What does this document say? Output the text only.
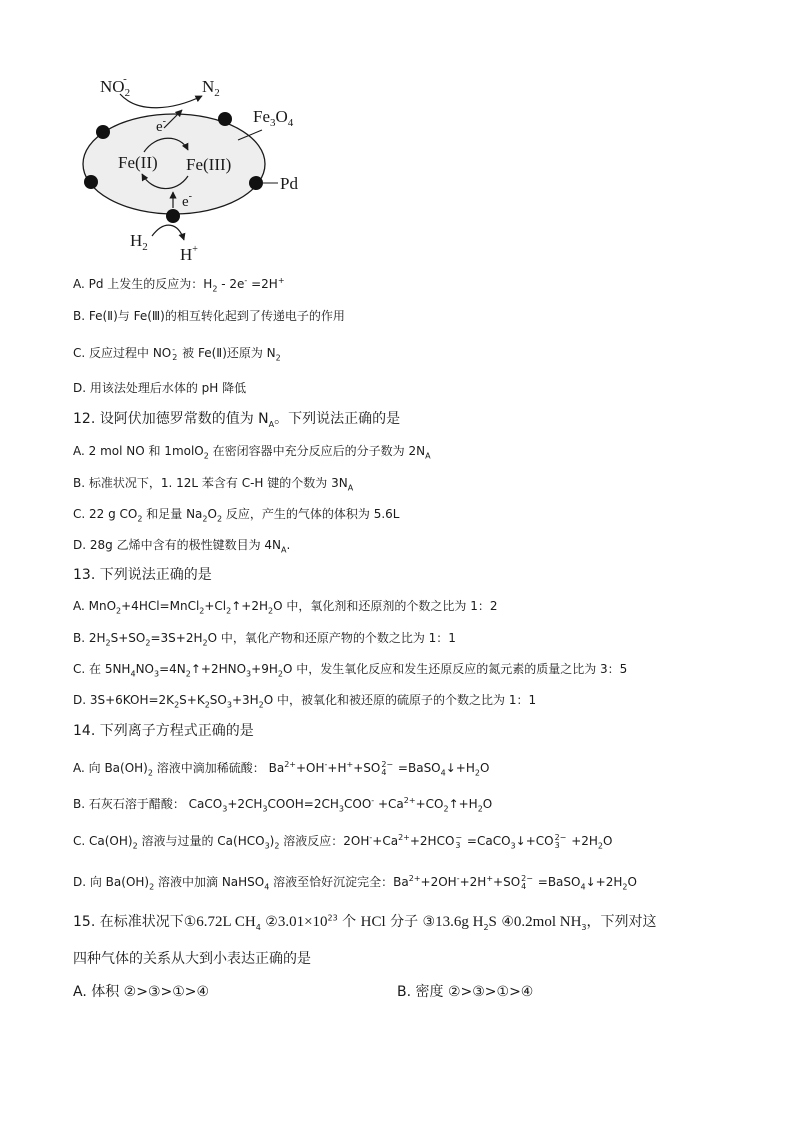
$NO_2-$	$N_2$
$Fe_3O_4$
e-
Fe(II) Fe(III)
e-
Pd
$H_2$ H+
A. Pd 上发生的反应为：$H_2 - 2e^- =2H^+$
B. Fe(Ⅱ)与 Fe(Ⅲ)的相互转化起到了传递电子的作用
C. 反应过程中 NO -
2 被 Fe(Ⅱ)还原为 $N_2$
D. 用该法处理后水体的 pH 降低
12. 设阿伏加德罗常数的值为 $N_A$。下列说法正确的是
A. 2 mol NO 和 1molO$_2$ 在密闭容器中充分反应后的分子数为 $2N_A$
B. 标准状况下，1. 12L 苯含有 C-H 键的个数为 $3N_A$
C. 22 g $CO_2$ 和足量 $Na_2O_2$ 反应，产生的气体的体积为 5.6L
D. 28g 乙烯中含有的极性键数目为 $4N_A$.
13. 下列说法正确的是
A. $MnO_2+4HCl=MnCl_2+Cl_2↑+2H_2O$ 中，氧化剂和还原剂的个数之比为 1：2
B. $2H_2S+SO_2=3S+2H_2O$ 中，氧化产物和还原产物的个数之比为 1：1
C. 在 $5NH_4NO_3=4N_2↑+2HNO_3+9H_2O$ 中，发生氧化反应和发生还原反应的氮元素的质量之比为 3：5
D. $3S+6KOH=2K_2S+K_2SO_3+3H_2O$ 中，被氧化和被还原的硫原子的个数之比为 1：1
14. 下列离子方程式正确的是
A. 向 $Ba(OH)_2$ 溶液中滴加稀硫酸： $Ba^{2+}+OH^-+H^++SO$ 2−
$4 =BaSO_4↓+H_2O$
B. 石灰石溶于醋酸： $CaCO_3+2CH_3COOH=2CH_3COO^-$ $+Ca^{2+}+CO_2↑+H_2O$
C. $Ca(OH)_2$ 溶液与过量的 $Ca(HCO_3)_2$ 溶液反应：$2OH^-+Ca^{2+}+2HCO$ −
3 =CaCO$_3$↓+CO 2−
$3 +2H_2O$
D. 向 $Ba(OH)_2$ 溶液中加滴 NaHSO$_4$ 溶液至恰好沉淀完全：$Ba^{2+}+2OH^-+2H^++SO$ 2−
$4 =BaSO_4↓+2H_2O$
15. 在标准状况下①6.72L $CH_4$ $②3.01\times 10^{23}$ 个 HCl 分子 ③13.6g $H_2S$ ④0.2mol $NH_3$，下列对这
四种气体的关系从大到小表达正确的是
A. 体积 ②>③>①>④	B. 密度 ②>③>①>④
